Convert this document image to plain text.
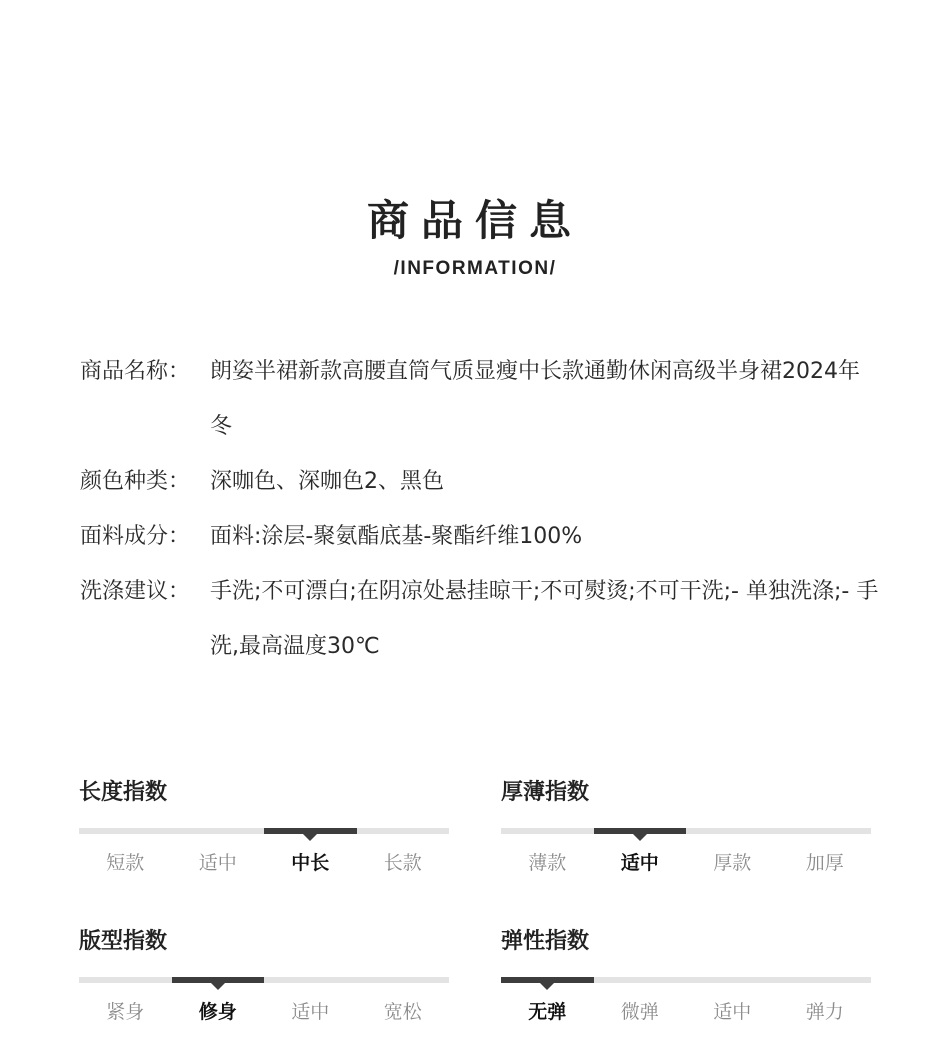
商品信息
/INFORMATION/
商品名称： 朗姿半裙新款高腰直筒气质显瘦中长款通勤休闲高级半身裙2024年冬
颜色种类： 深咖色、深咖色2、黑色
面料成分： 面料:涂层-聚氨酯底基-聚酯纤维100%
洗涤建议： 手洗;不可漂白;在阴凉处悬挂晾干;不可熨烫;不可干洗;- 单独洗涤;- 手洗,最高温度30℃
长度指数
短款	适中	中长	长款
厚薄指数
薄款	适中	厚款	加厚
版型指数
紧身	修身	适中	宽松
弹性指数
无弹	微弹	适中	弹力
